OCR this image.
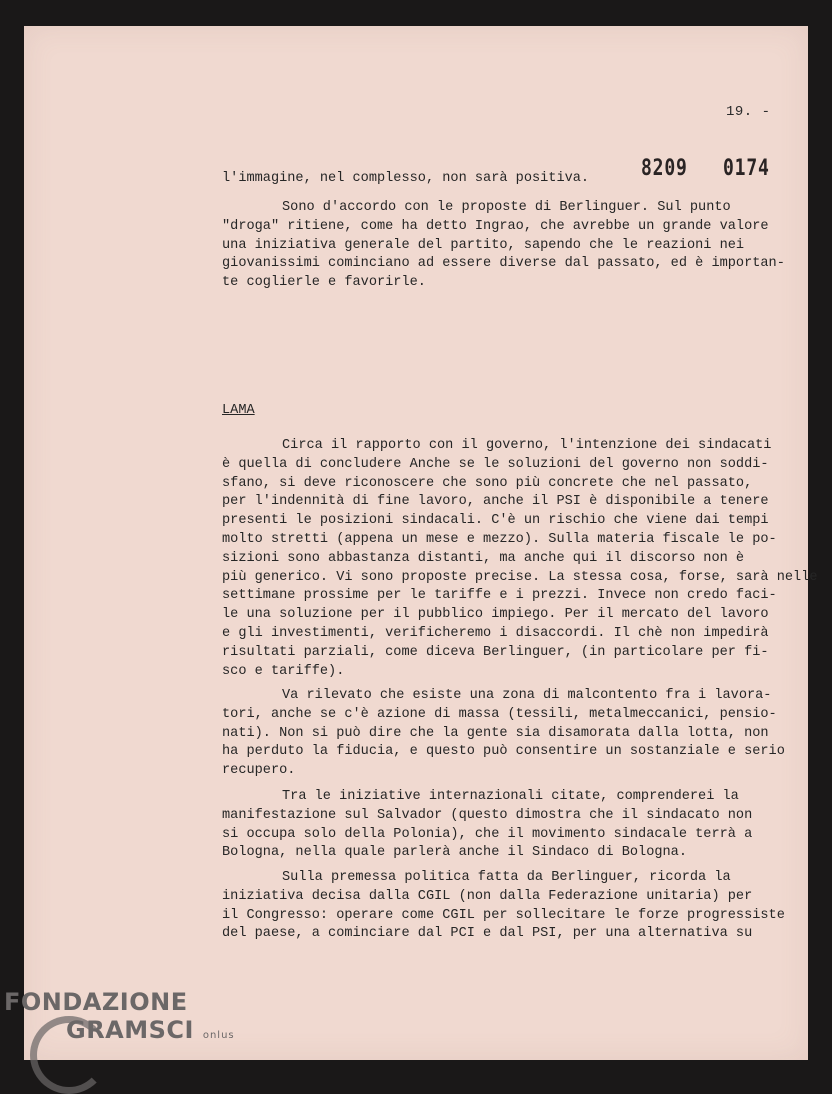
19. -
8209 0174
l'immagine, nel complesso, non sarà positiva.
Sono d'accordo con le proposte di Berlinguer. Sul punto
"droga" ritiene, come ha detto Ingrao, che avrebbe un grande valore
una iniziativa generale del partito, sapendo che le reazioni nei
giovanissimi cominciano ad essere diverse dal passato, ed è importan-
te coglierle e favorirle.
LAMA
Circa il rapporto con il governo, l'intenzione dei sindacati
è quella di concludere Anche se le soluzioni del governo non soddi-
sfano, si deve riconoscere che sono più concrete che nel passato,
per l'indennità di fine lavoro, anche il PSI è disponibile a tenere
presenti le posizioni sindacali. C'è un rischio che viene dai tempi
molto stretti (appena un mese e mezzo). Sulla materia fiscale le po-
sizioni sono abbastanza distanti, ma anche qui il discorso non è
più generico. Vi sono proposte precise. La stessa cosa, forse, sarà nelle
settimane prossime per le tariffe e i prezzi. Invece non credo faci-
le una soluzione per il pubblico impiego. Per il mercato del lavoro
e gli investimenti, verificheremo i disaccordi. Il chè non impedirà
risultati parziali, come diceva Berlinguer, (in particolare per fi-
sco e tariffe).
Va rilevato che esiste una zona di malcontento fra i lavora-
tori, anche se c'è azione di massa (tessili, metalmeccanici, pensio-
nati). Non si può dire che la gente sia disamorata dalla lotta, non
ha perduto la fiducia, e questo può consentire un sostanziale e serio
recupero.
Tra le iniziative internazionali citate, comprenderei la
manifestazione sul Salvador (questo dimostra che il sindacato non
si occupa solo della Polonia), che il movimento sindacale terrà a
Bologna, nella quale parlerà anche il Sindaco di Bologna.
Sulla premessa politica fatta da Berlinguer, ricorda la
iniziativa decisa dalla CGIL (non dalla Federazione unitaria) per
il Congresso: operare come CGIL per sollecitare le forze progressiste
del paese, a cominciare dal PCI e dal PSI, per una alternativa su
FONDAZIONE
GRAMSCI onlus
